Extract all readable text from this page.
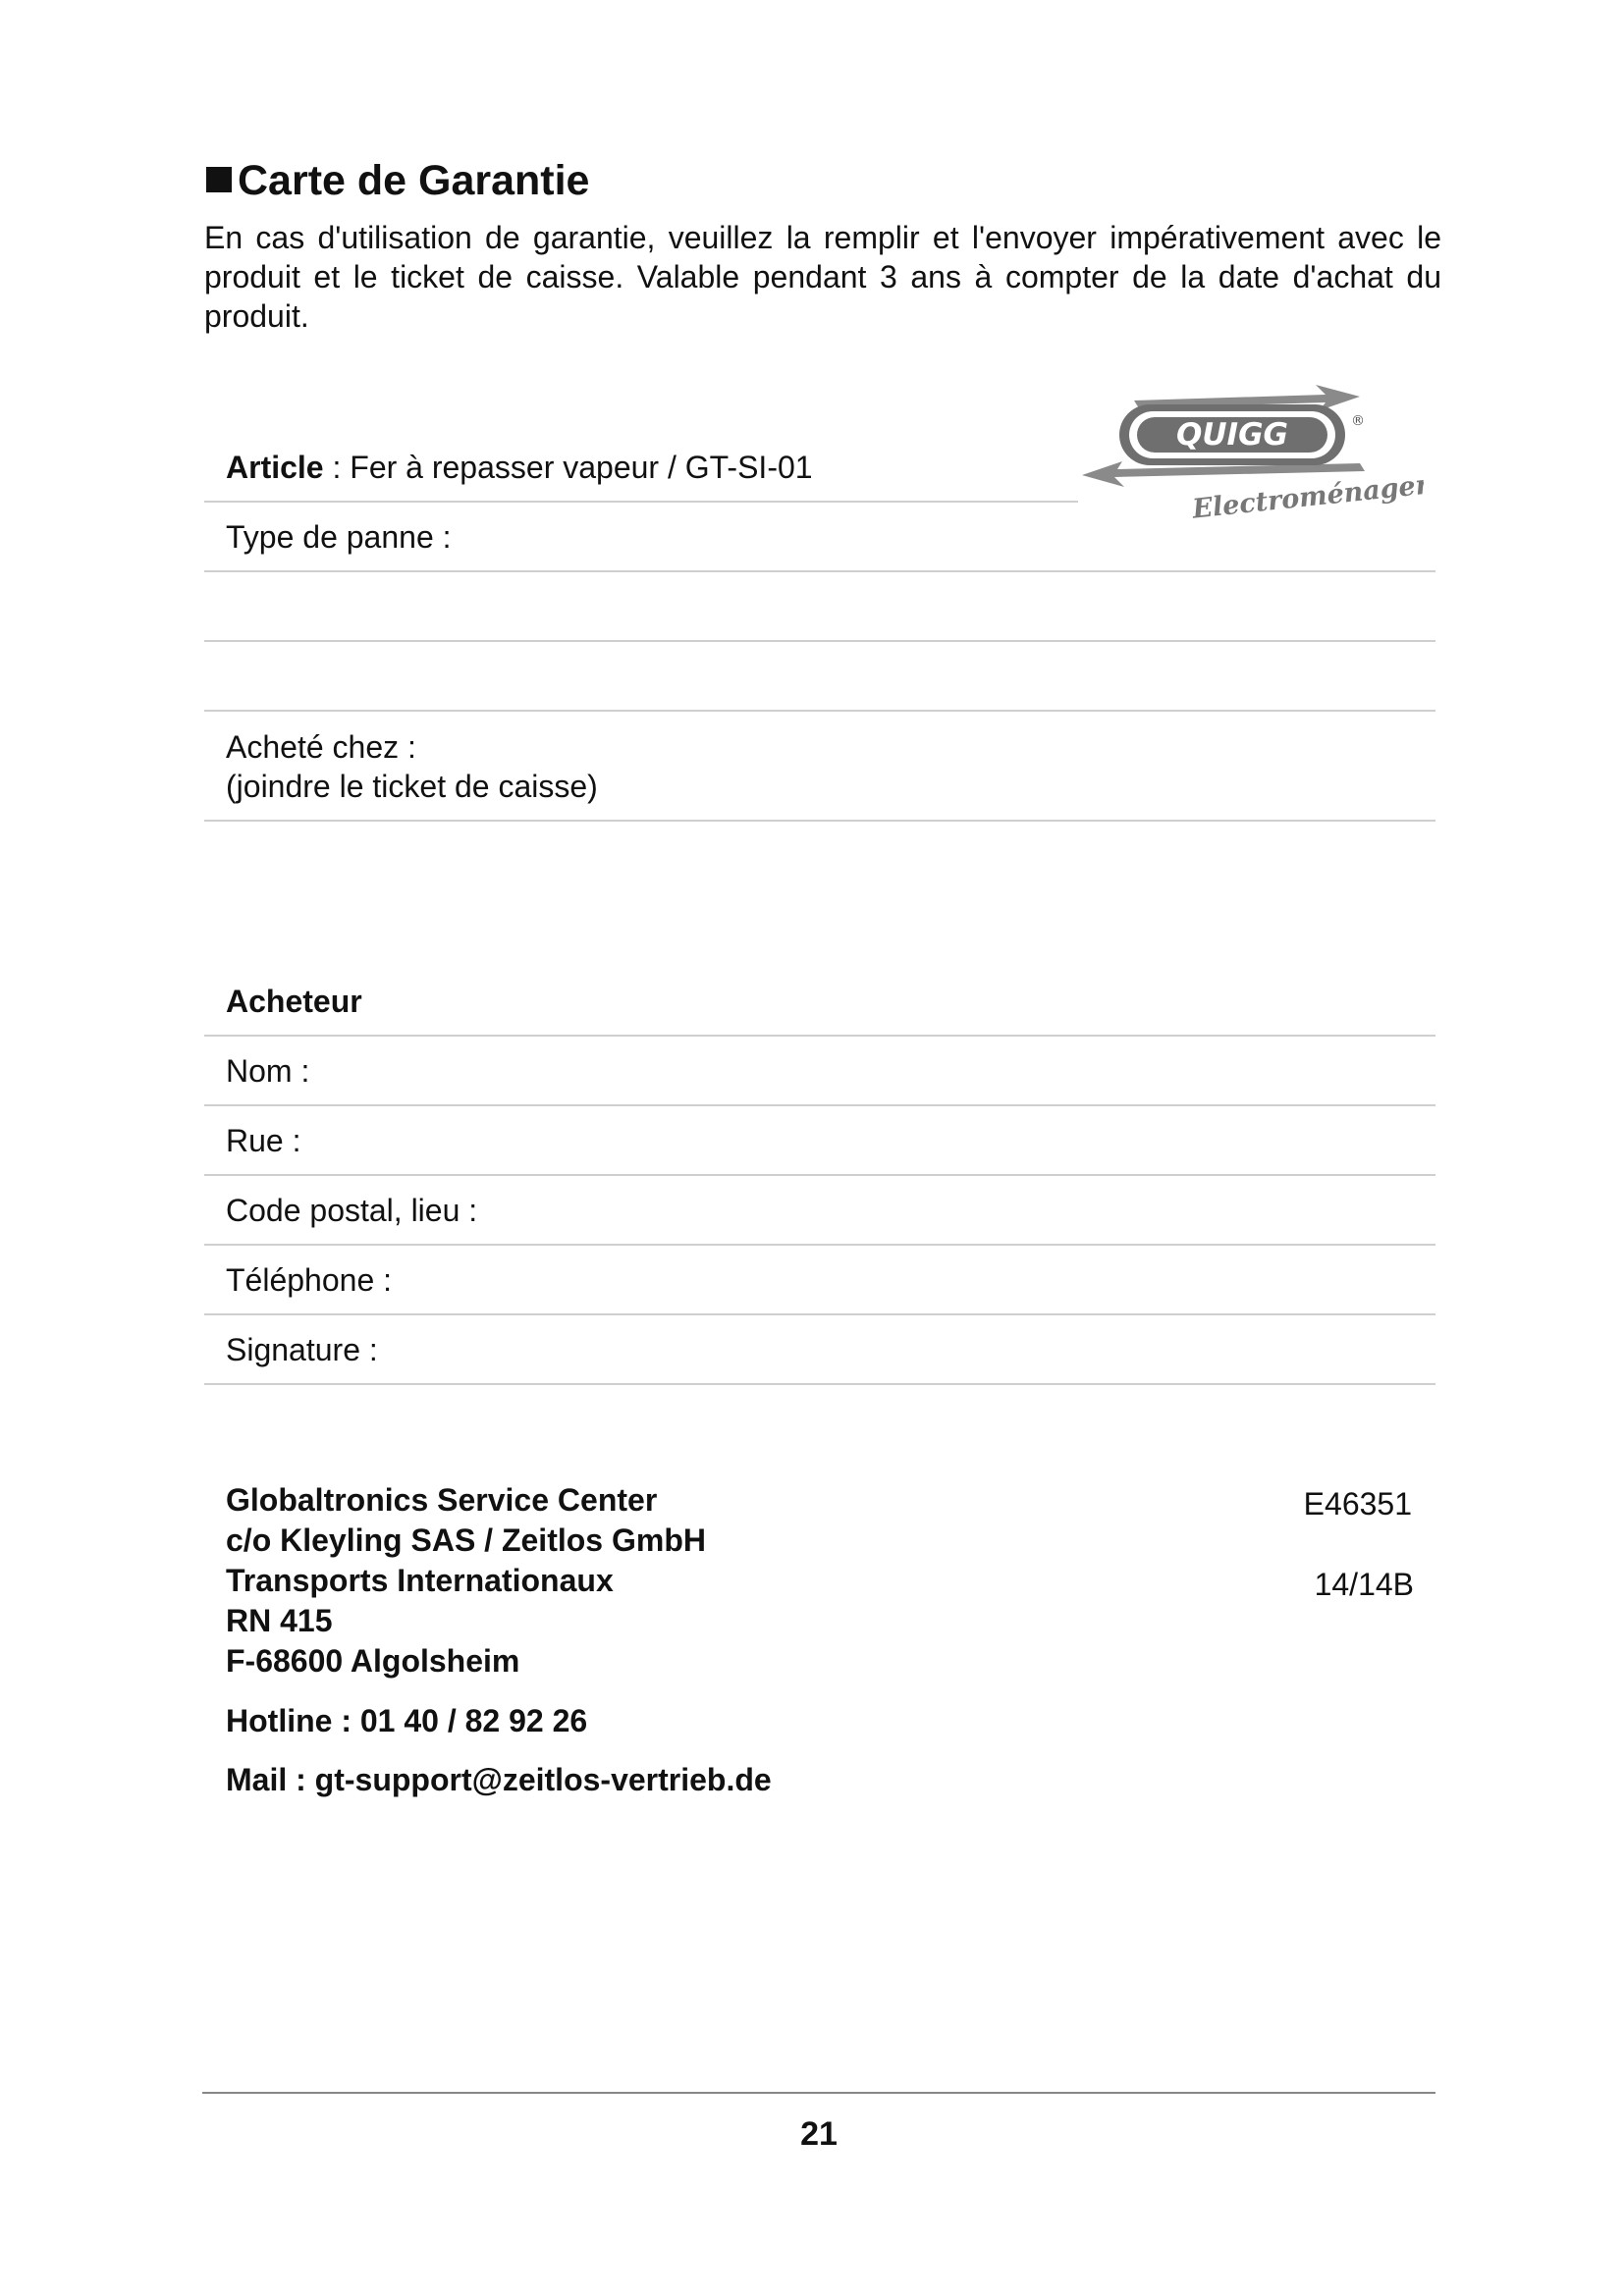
Carte de Garantie
En cas d'utilisation de garantie, veuillez la remplir et l'envoyer impérativement avec le produit et le ticket de caisse. Valable pendant 3 ans à compter de la date d'achat du produit.
QUIGG	®
Electroménager
Article : Fer à repasser vapeur / GT-SI-01
Type de panne :
Acheté chez :
(joindre le ticket de caisse)
Acheteur
Nom :
Rue :
Code postal, lieu :
Téléphone :
Signature :
Globaltronics Service Center
c/o Kleyling SAS / Zeitlos GmbH
Transports Internationaux
RN 415
F-68600 Algolsheim
Hotline : 01 40 / 82 92 26
Mail : gt-support@zeitlos-vertrieb.de
E46351
14/14B
21
